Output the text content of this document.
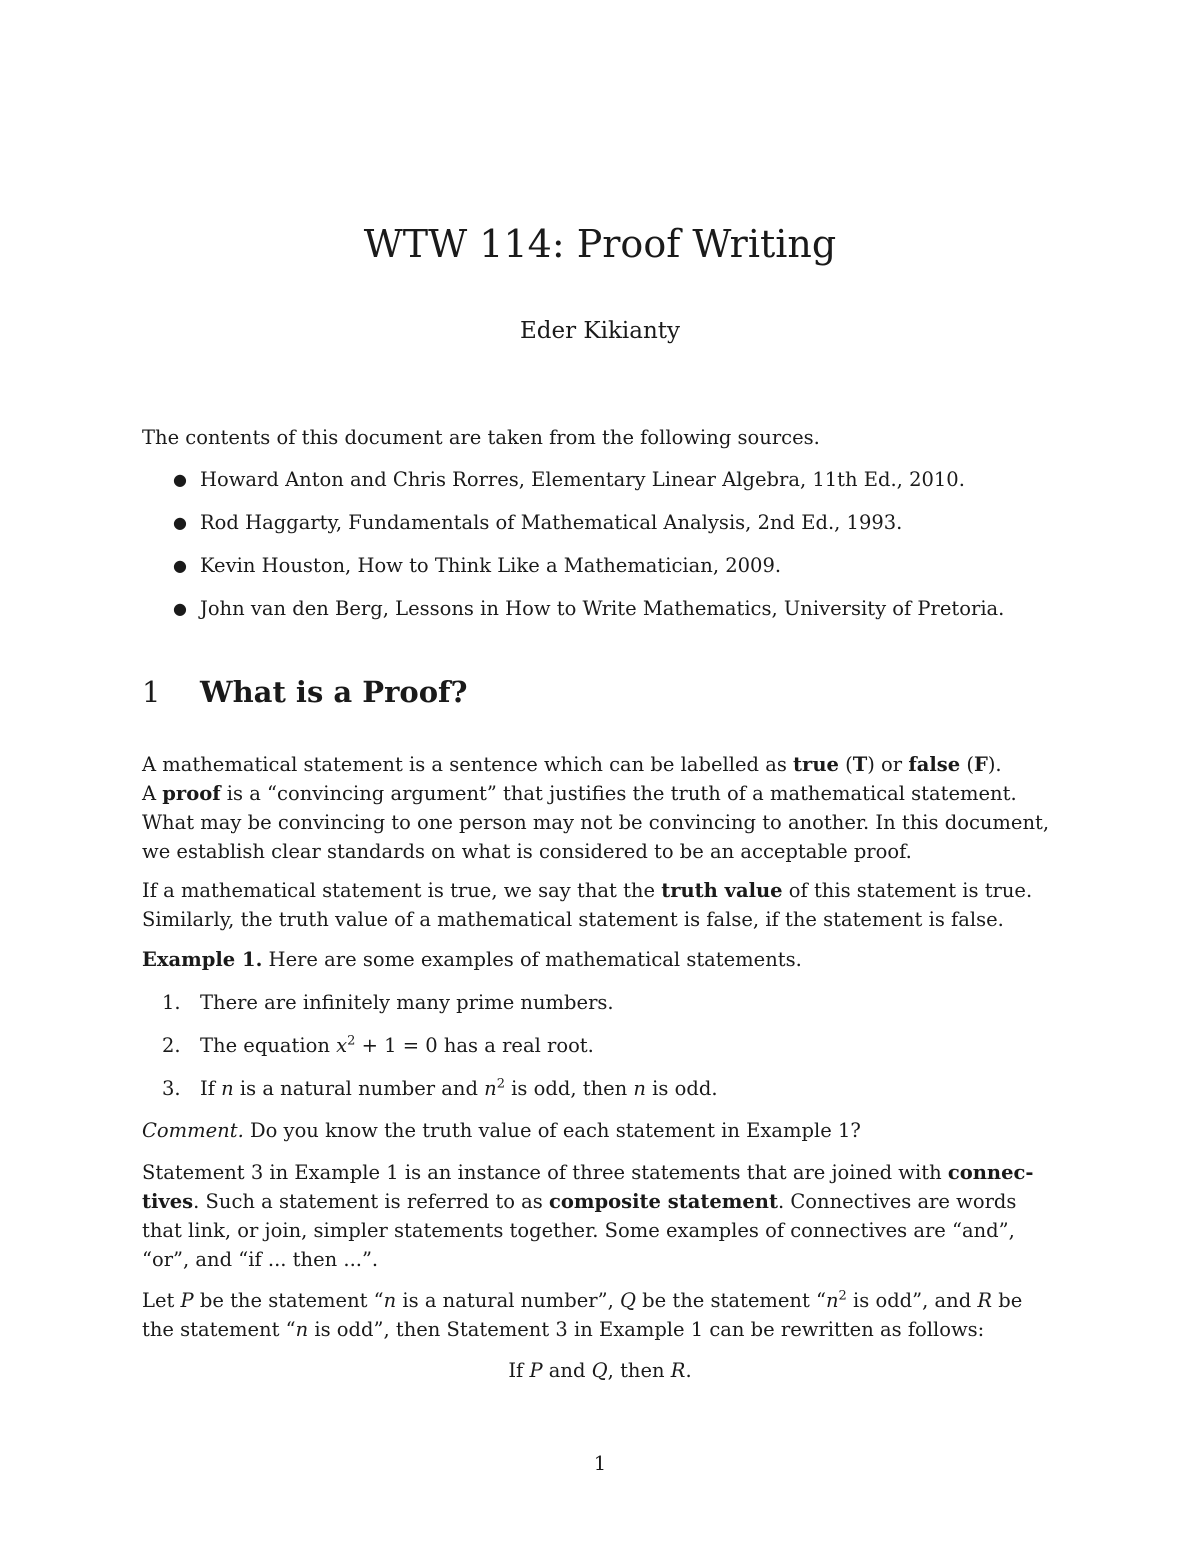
WTW 114: Proof Writing
Eder Kikianty

The contents of this document are taken from the following sources.

● Howard Anton and Chris Rorres, Elementary Linear Algebra, 11th Ed., 2010.
● Rod Haggarty, Fundamentals of Mathematical Analysis, 2nd Ed., 1993.
● Kevin Houston, How to Think Like a Mathematician, 2009.
● John van den Berg, Lessons in How to Write Mathematics, University of Pretoria.
1 What is a Proof?
A mathematical statement is a sentence which can be labelled as true (T) or false (F).
A proof is a “convincing argument” that justifies the truth of a mathematical statement.
What may be convincing to one person may not be convincing to another. In this document,
we establish clear standards on what is considered to be an acceptable proof.
If a mathematical statement is true, we say that the truth value of this statement is true.
Similarly, the truth value of a mathematical statement is false, if the statement is false.
Example 1. Here are some examples of mathematical statements.
1. There are infinitely many prime numbers.
2. The equation $x^2 + 1 = 0$ has a real root.
3. If n is a natural number and $n^2$ is odd, then n is odd.
Comment. Do you know the truth value of each statement in Example 1?
Statement 3 in Example 1 is an instance of three statements that are joined with connec-
tives. Such a statement is referred to as composite statement. Connectives are words
that link, or join, simpler statements together. Some examples of connectives are “and”,
“or”, and “if ... then ...”.
Let P be the statement “n is a natural number”, Q be the statement “$n^2$ is odd”, and R be
the statement “n is odd”, then Statement 3 in Example 1 can be rewritten as follows:
If P and Q, then R.
1
